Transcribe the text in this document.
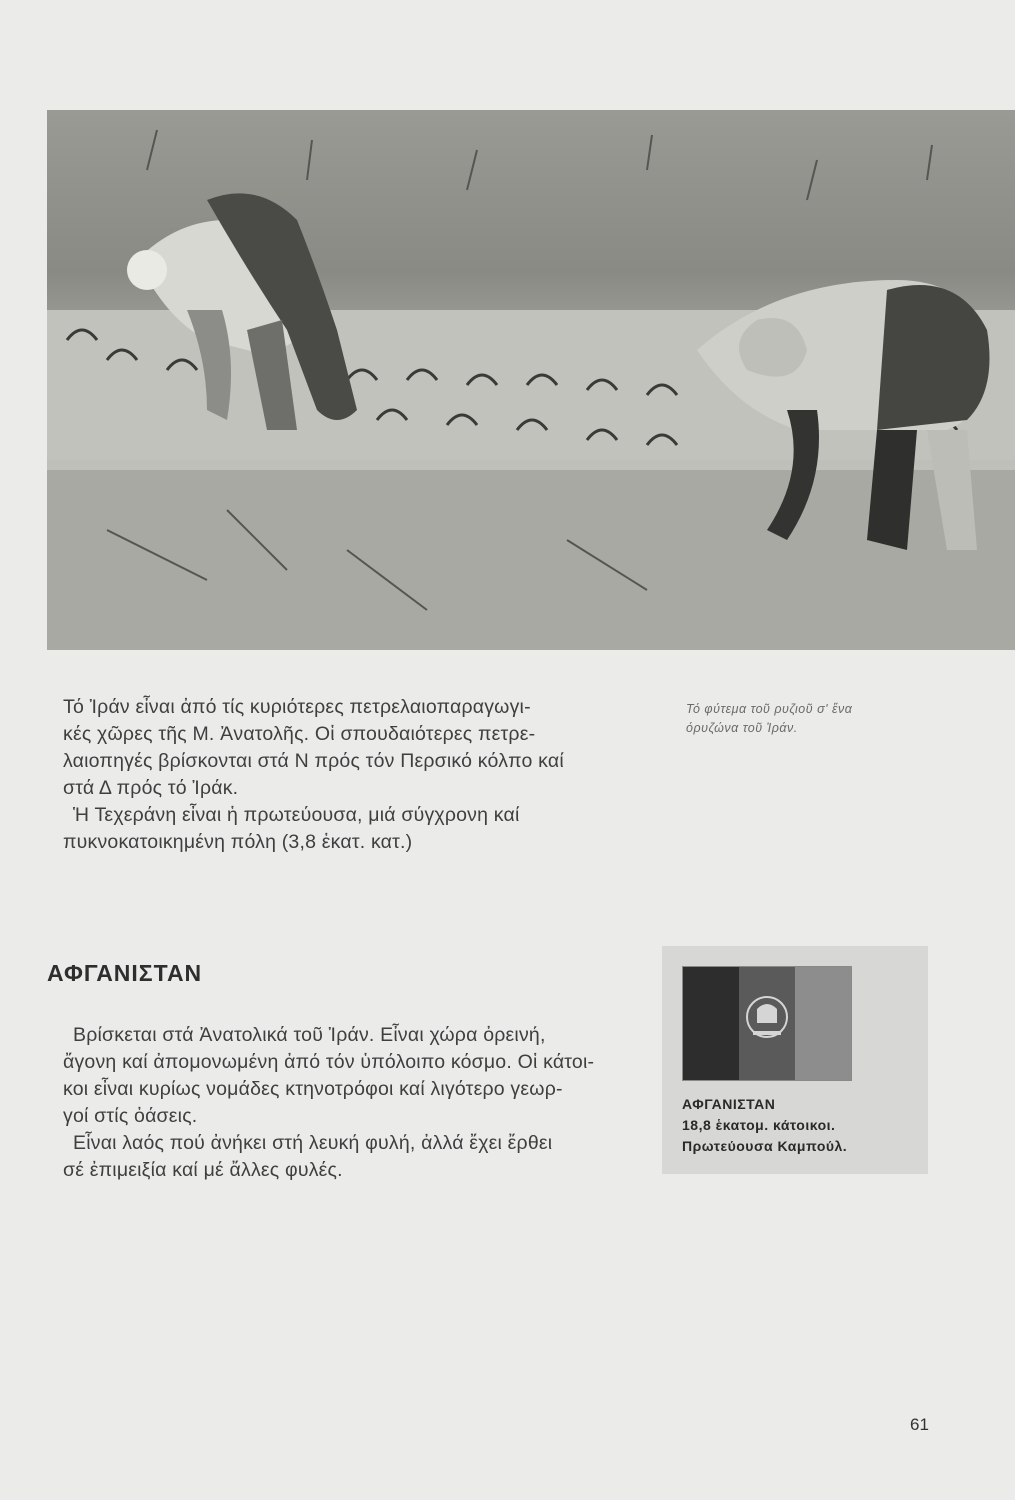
Τό Ἰράν εἶναι ἀπό τίς κυριότερες πετρελαιοπαραγωγι-

κές χῶρες τῆς Μ. Ἀνατολῆς. Οἱ σπουδαιότερες πετρε-

λαιοπηγές βρίσκονται στά Ν πρός τόν Περσικό κόλπο καί

στά Δ πρός τό Ἰράκ.

Ἡ Τεχεράνη εἶναι ἡ πρωτεύουσα, μιά σύγχρονη καί

πυκνοκατοικημένη πόλη (3,8 ἑκατ. κατ.)

Τό φύτεμα τοῦ ρυζιοῦ σ' ἕνα
όρυζώνα τοῦ Ἰράν.
ΑΦΓΑΝΙΣΤΑΝ

Βρίσκεται στά Ἀνατολικά τοῦ Ἰράν. Εἶναι χώρα ὀρεινή,

ἄγονη καί ἀπομονωμένη ἀπό τόν ὑπόλοιπο κόσμο. Οἱ κάτοι-

κοι εἶναι κυρίως νομάδες κτηνοτρόφοι καί λιγότερο γεωρ-

γοί στίς ὀάσεις.

Εἶναι λαός πού ἀνήκει στή λευκή φυλή, ἀλλά ἔχει ἔρθει

σέ ἐπιμειξία καί μέ ἄλλες φυλές.

ΑΦΓΑΝΙΣΤΑΝ
18,8 ἑκατομ. κάτοικοι.
Πρωτεύουσα Καμπούλ.
61
